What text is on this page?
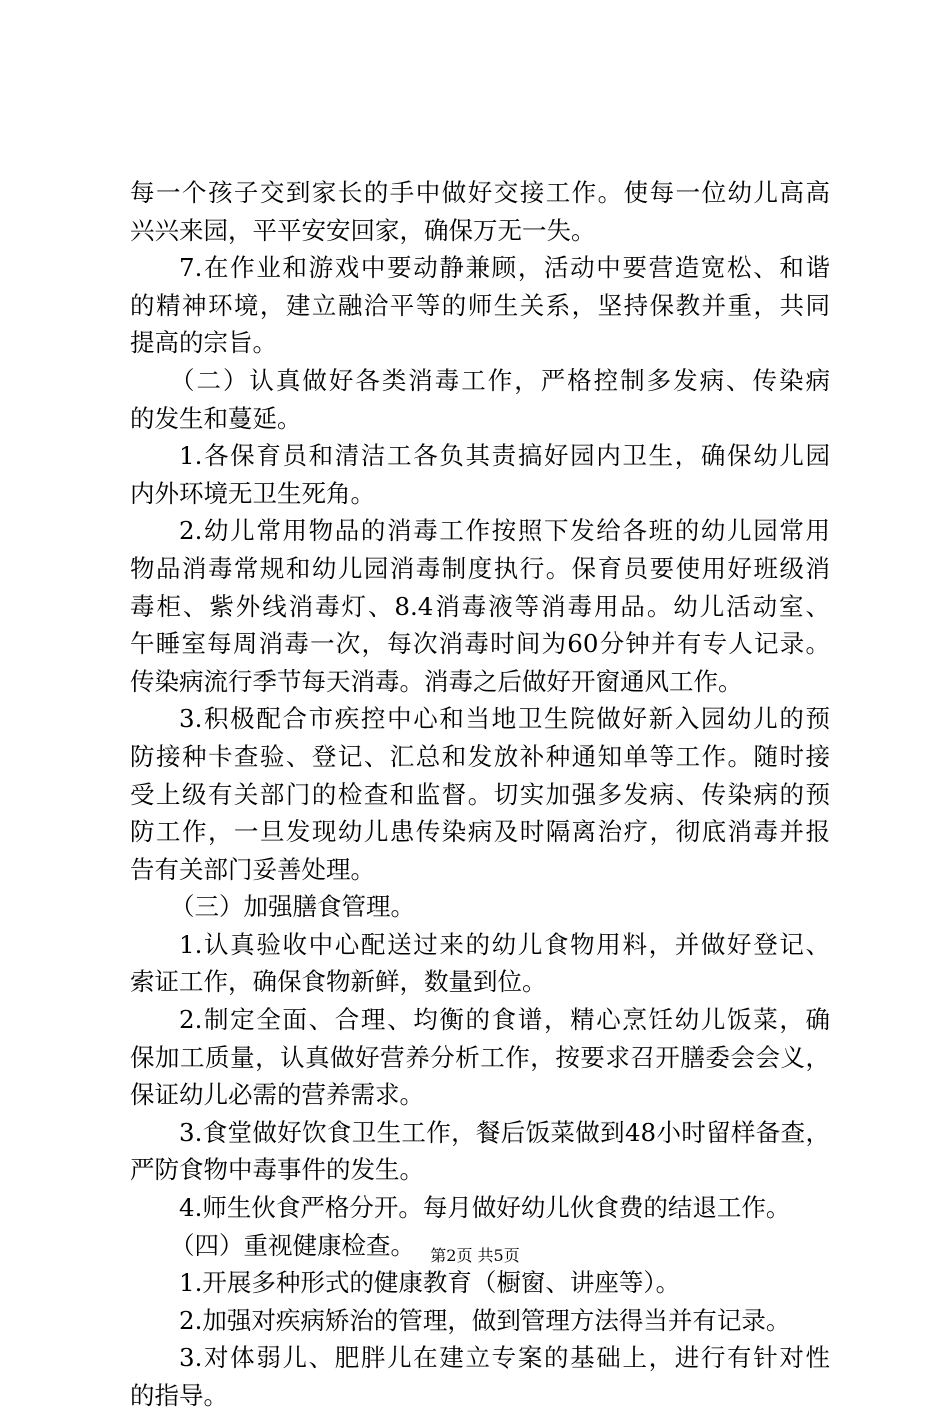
每一个孩子交到家长的手中做好交接工作。使每一位幼儿高高
兴兴来园，平平安安回家，确保万无一失。
7.在作业和游戏中要动静兼顾，活动中要营造宽松、和谐
的精神环境，建立融洽平等的师生关系，坚持保教并重，共同
提高的宗旨。
（二）认真做好各类消毒工作，严格控制多发病、传染病
的发生和蔓延。
1.各保育员和清洁工各负其责搞好园内卫生，确保幼儿园
内外环境无卫生死角。
2.幼儿常用物品的消毒工作按照下发给各班的幼儿园常用
物品消毒常规和幼儿园消毒制度执行。保育员要使用好班级消
毒柜、紫外线消毒灯、8.4消毒液等消毒用品。幼儿活动室、
午睡室每周消毒一次，每次消毒时间为60分钟并有专人记录。
传染病流行季节每天消毒。消毒之后做好开窗通风工作。
3.积极配合市疾控中心和当地卫生院做好新入园幼儿的预
防接种卡查验、登记、汇总和发放补种通知单等工作。随时接
受上级有关部门的检查和监督。切实加强多发病、传染病的预
防工作，一旦发现幼儿患传染病及时隔离治疗，彻底消毒并报
告有关部门妥善处理。
（三）加强膳食管理。
1.认真验收中心配送过来的幼儿食物用料，并做好登记、
索证工作，确保食物新鲜，数量到位。
2.制定全面、合理、均衡的食谱，精心烹饪幼儿饭菜，确
保加工质量，认真做好营养分析工作，按要求召开膳委会会义，
保证幼儿必需的营养需求。
3.食堂做好饮食卫生工作，餐后饭菜做到48小时留样备查，
严防食物中毒事件的发生。
4.师生伙食严格分开。每月做好幼儿伙食费的结退工作。
（四）重视健康检查。
1.开展多种形式的健康教育（橱窗、讲座等）。
2.加强对疾病矫治的管理，做到管理方法得当并有记录。
3.对体弱儿、肥胖儿在建立专案的基础上，进行有针对性
的指导。
第2页 共5页
